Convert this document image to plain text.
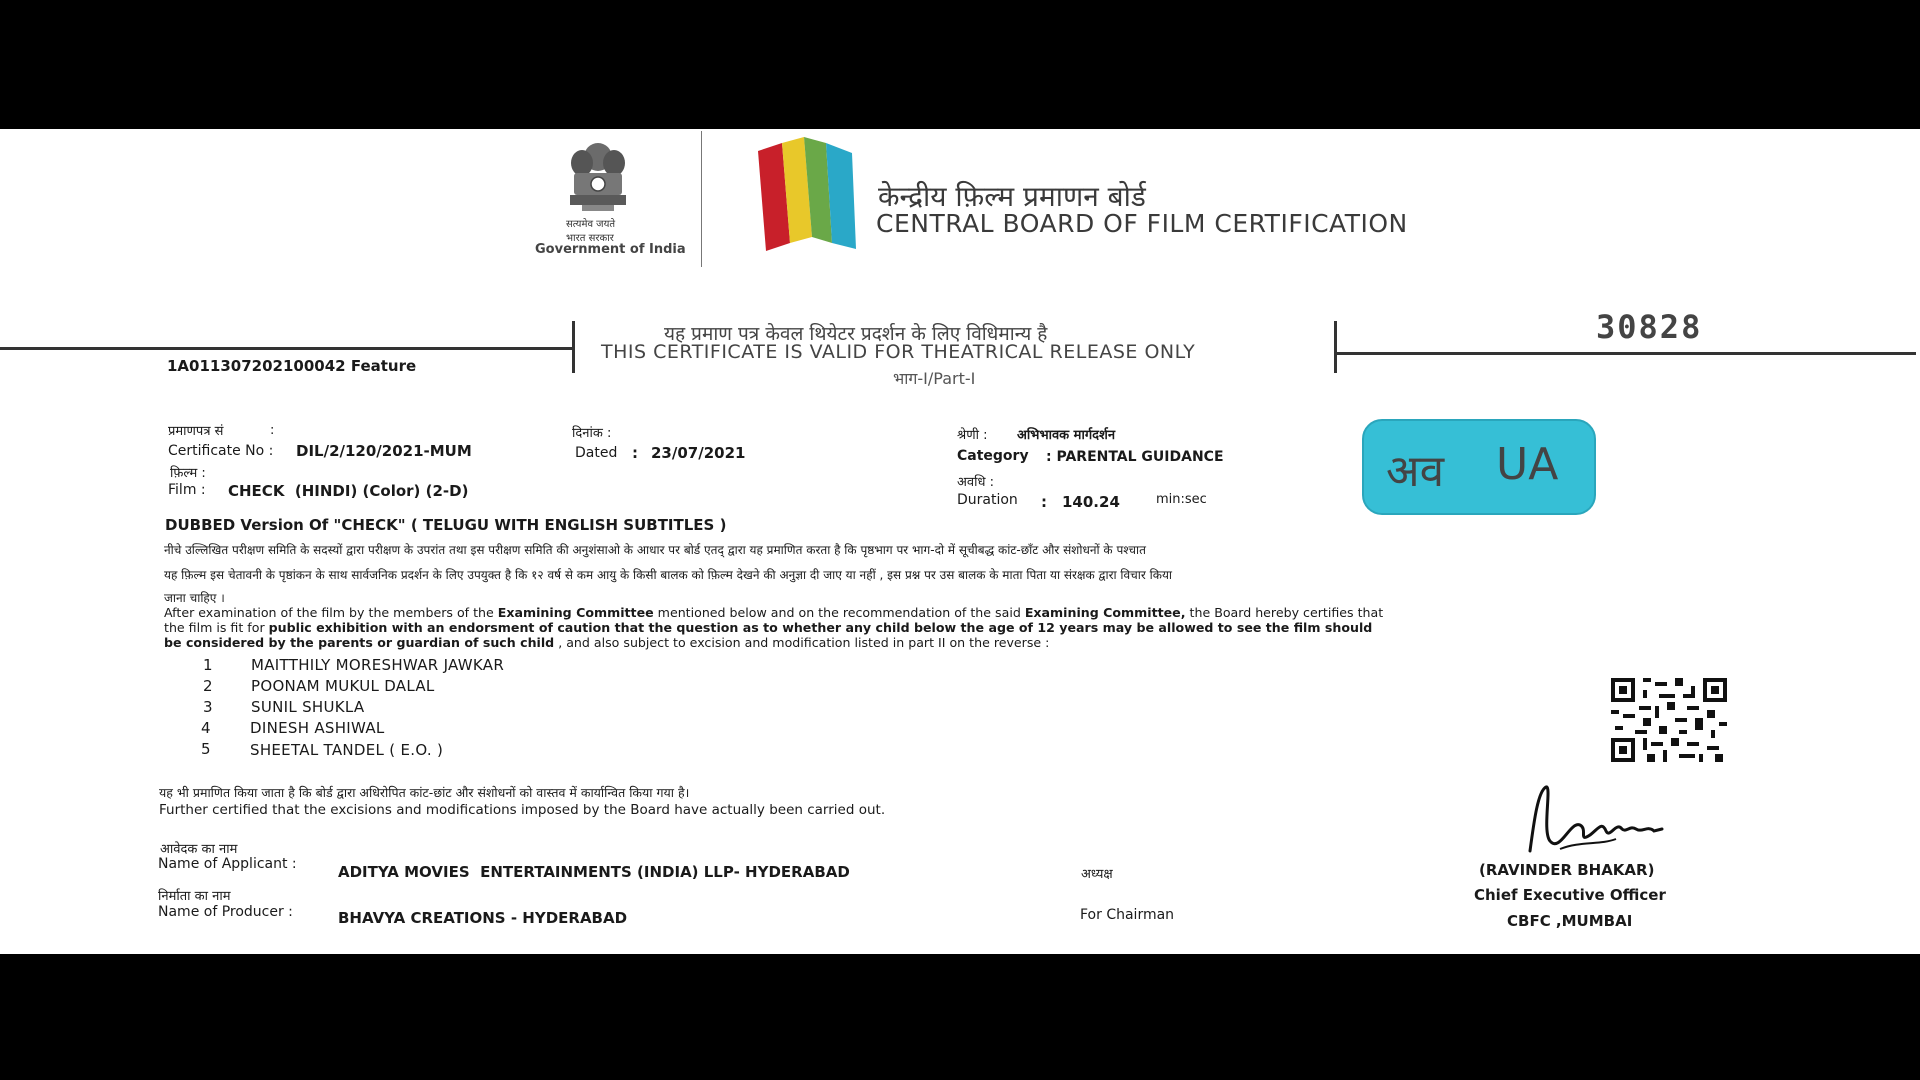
सत्यमेव जयते
भारत सरकार
Government of India
केन्द्रीय फ़िल्म प्रमाणन बोर्ड
CENTRAL BOARD OF FILM CERTIFICATION
यह प्रमाण पत्र केवल थियेटर प्रदर्शन के लिए विधिमान्य है
THIS CERTIFICATE IS VALID FOR THEATRICAL RELEASE ONLY
भाग-I/Part-I
30828
1A011307202100042 Feature
प्रमाणपत्र सं	:
Certificate No : DIL/2/120/2021-MUM
दिनांक :
Dated : 23/07/2021
फ़िल्म :
Film : CHECK  (HINDI) (Color) (2-D)
श्रेणी : अभिभावक मार्गदर्शन
Category : PARENTAL GUIDANCE
अवधि :
Duration : 140.24	min:sec
अव UA
DUBBED Version Of "CHECK" ( TELUGU WITH ENGLISH SUBTITLES )
नीचे उल्लिखित परीक्षण समिति के सदस्यों द्वारा परीक्षण के उपरांत तथा इस परीक्षण समिति की अनुशंसाओ के आधार पर बोर्ड एतद् द्वारा यह प्रमाणित करता है कि पृष्ठभाग पर भाग-दो में सूचीबद्ध कांट-छाँट और संशोधनों के पश्चात
यह फ़िल्म इस चेतावनी के पृष्ठांकन के साथ सार्वजनिक प्रदर्शन के लिए उपयुक्त है कि १२ वर्ष से कम आयु के किसी बालक को फ़िल्म देखने की अनुज्ञा दी जाए या नहीं , इस प्रश्न पर उस बालक के माता पिता या संरक्षक द्वारा विचार किया
जाना चाहिए ।
After examination of the film by the members of the Examining Committee mentioned below and on the recommendation of the said Examining Committee, the Board hereby certifies that
the film is fit for public exhibition with an endorsment of caution that the question as to whether any child below the age of 12 years may be allowed to see the film should
be considered by the parents or guardian of such child , and also subject to excision and modification listed in part II on the reverse :
1	MAITTHILY MORESHWAR JAWKAR
2	POONAM MUKUL DALAL
3	SUNIL SHUKLA
4	DINESH ASHIWAL
5	SHEETAL TANDEL ( E.O. )
यह भी प्रमाणित किया जाता है कि बोर्ड द्वारा अधिरोपित कांट-छांट और संशोधनों को वास्तव में कार्यान्वित किया गया है।
Further certified that the excisions and modifications imposed by the Board have actually been carried out.
आवेदक का नाम
Name of Applicant :	ADITYA MOVIES  ENTERTAINMENTS (INDIA) LLP- HYDERABAD
निर्माता का नाम
Name of Producer :	BHAVYA CREATIONS - HYDERABAD
अध्यक्ष
For Chairman
(RAVINDER BHAKAR)
Chief Executive Officer
CBFC ,MUMBAI
